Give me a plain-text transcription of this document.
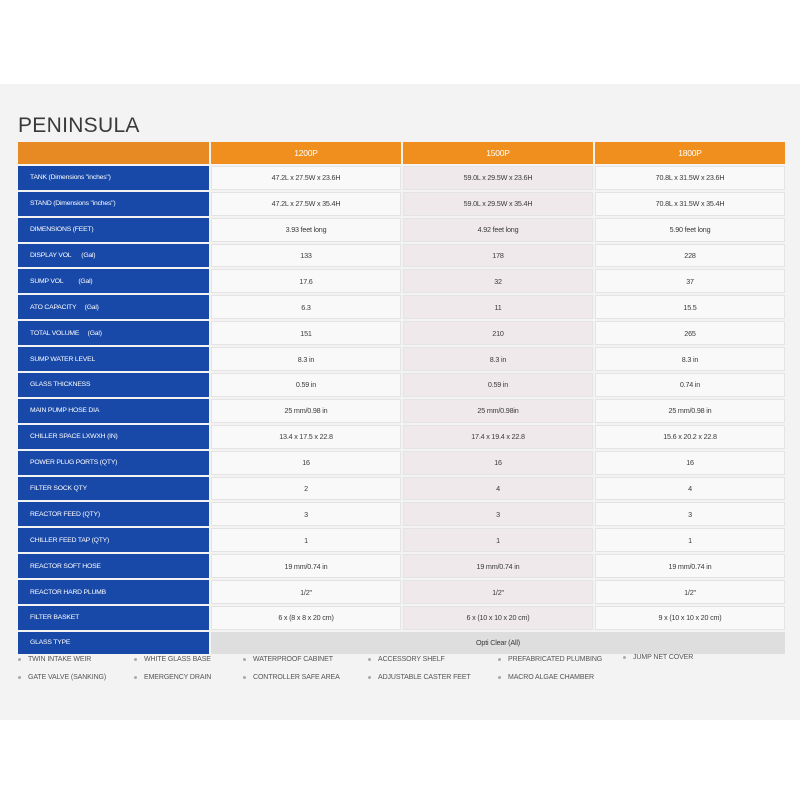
PENINSULA
	1200P	1500P	1800P
TANK (Dimensions "inches")	47.2L x 27.5W x 23.6H	59.0L x 29.5W x 23.6H	70.8L x 31.5W x 23.6H
STAND (Dimensions "inches")	47.2L x 27.5W x 35.4H	59.0L x 29.5W x 35.4H	70.8L x 31.5W x 35.4H
DIMENSIONS (FEET)	3.93 feet long	4.92 feet long	5.90 feet long
DISPLAY VOL      (Gal)	133	178	228
SUMP VOL         (Gal)	17.6	32	37
ATO CAPACITY     (Gal)	6.3	11	15.5
TOTAL VOLUME     (Gal)	151	210	265
SUMP WATER LEVEL	8.3 in	8.3 in	8.3 in
GLASS THICKNESS	0.59 in	0.59 in	0.74 in
MAIN PUMP HOSE DIA	25 mm/0.98 in	25 mm/0.98in	25 mm/0.98 in
CHILLER SPACE LXWXH (IN)	13.4 x 17.5 x 22.8	17.4 x 19.4 x 22.8	15.6 x 20.2 x 22.8
POWER PLUG PORTS (QTY)	16	16	16
FILTER SOCK QTY	2	4	4
REACTOR FEED (QTY)	3	3	3
CHILLER FEED TAP (QTY)	1	1	1
REACTOR SOFT HOSE	19 mm/0.74 in	19 mm/0.74 in	19 mm/0.74 in
REACTOR HARD PLUMB	1/2"	1/2"	1/2"
FILTER BASKET	6 x (8 x 8 x 20 cm)	6 x (10 x 10 x 20 cm)	9 x (10 x 10 x 20 cm)
GLASS TYPE	Opti Clear (All)		
TWIN INTAKE WEIR	WHITE GLASS BASE	WATERPROOF CABINET	ACCESSORY SHELF	PREFABRICATED PLUMBING	JUMP NET COVER
GATE VALVE (SANKING)	EMERGENCY DRAIN	CONTROLLER SAFE AREA	ADJUSTABLE CASTER FEET	MACRO ALGAE CHAMBER
